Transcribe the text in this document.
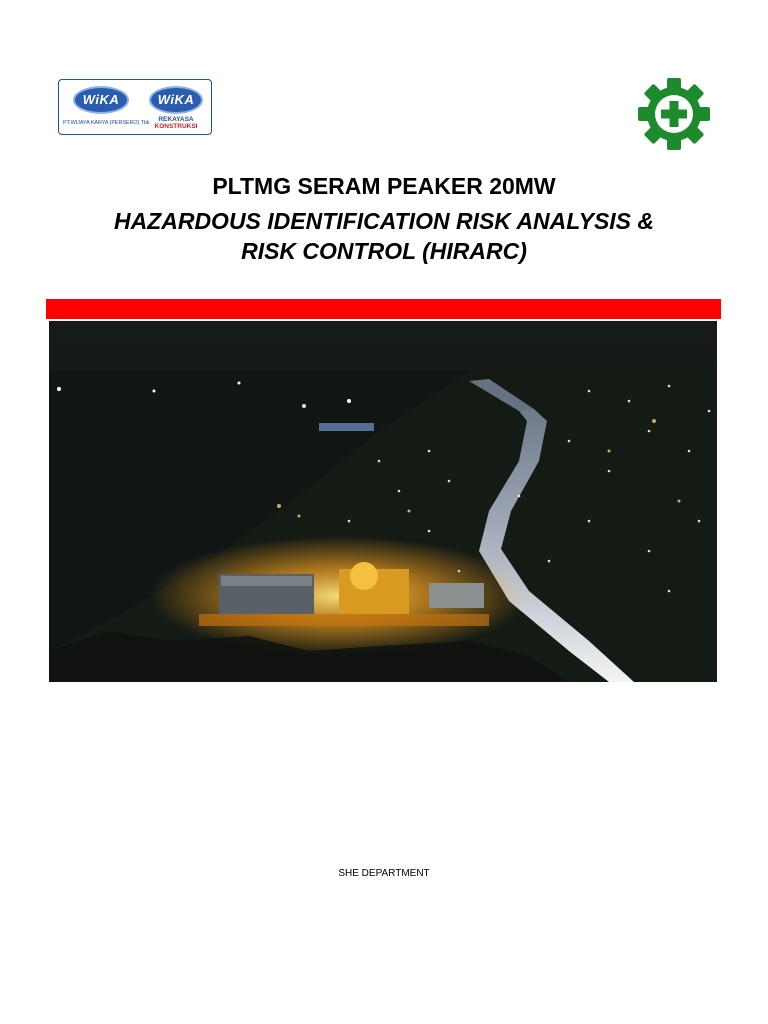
WiKA
PT.WIJAYA KARYA (PERSERO) Tbk
WiKA
REKAYASA
KONSTRUKSI
PLTMG SERAM PEAKER 20MW
HAZARDOUS IDENTIFICATION RISK ANALYSIS &
RISK CONTROL (HIRARC)
SHE DEPARTMENT
